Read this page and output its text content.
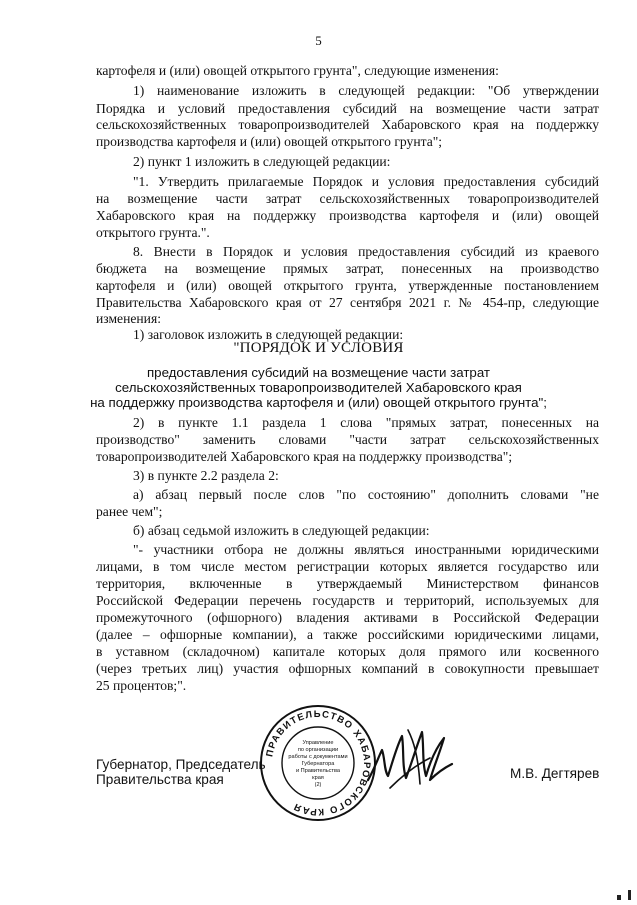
5
картофеля и (или) овощей открытого грунта", следующие изменения:
1) наименование изложить в следующей редакции: "Об утверждении
Порядка и условий предоставления субсидий на возмещение части затрат
сельскохозяйственных товаропроизводителей Хабаровского края на поддержку
производства картофеля и (или) овощей открытого грунта";
2) пункт 1 изложить в следующей редакции:
"1. Утвердить прилагаемые Порядок и условия предоставления субсидий
на возмещение части затрат сельскохозяйственных товаропроизводителей
Хабаровского края на поддержку производства картофеля и (или) овощей
открытого грунта.".
8. Внести в Порядок и условия предоставления субсидий из краевого
бюджета на возмещение прямых затрат, понесенных на производство
картофеля и (или) овощей открытого грунта, утвержденные постановлением
Правительства Хабаровского края от 27 сентября 2021 г. № 454-пр, следующие
изменения:
1) заголовок изложить в следующей редакции:
"ПОРЯДОК И УСЛОВИЯ
предоставления субсидий на возмещение части затрат
сельскохозяйственных товаропроизводителей Хабаровского края
на поддержку производства картофеля и (или) овощей открытого грунта";
2) в пункте 1.1 раздела 1 слова "прямых затрат, понесенных на
производство" заменить словами "части затрат сельскохозяйственных
товаропроизводителей Хабаровского края на поддержку производства";
3) в пункте 2.2 раздела 2:
а) абзац первый после слов "по состоянию" дополнить словами "не
ранее чем";
б) абзац седьмой изложить в следующей редакции:
"- участники отбора не должны являться иностранными юридическими
лицами, в том числе местом регистрации которых является государство или
территория, включенные в утверждаемый Министерством финансов
Российской Федерации перечень государств и территорий, используемых для
промежуточного (офшорного) владения активами в Российской Федерации
(далее – офшорные компании), а также российскими юридическими лицами,
в уставном (складочном) капитале которых доля прямого или косвенного
(через третьих лиц) участия офшорных компаний в совокупности превышает
25 процентов;".
Губернатор, Председатель
Правительства края	М.В. Дегтярев
ПРАВИТЕЛЬСТВО ХАБАРОВСКОГО КРАЯ
Управление
по организации
работы с документами
Губернатора
и Правительства
края
(2)
